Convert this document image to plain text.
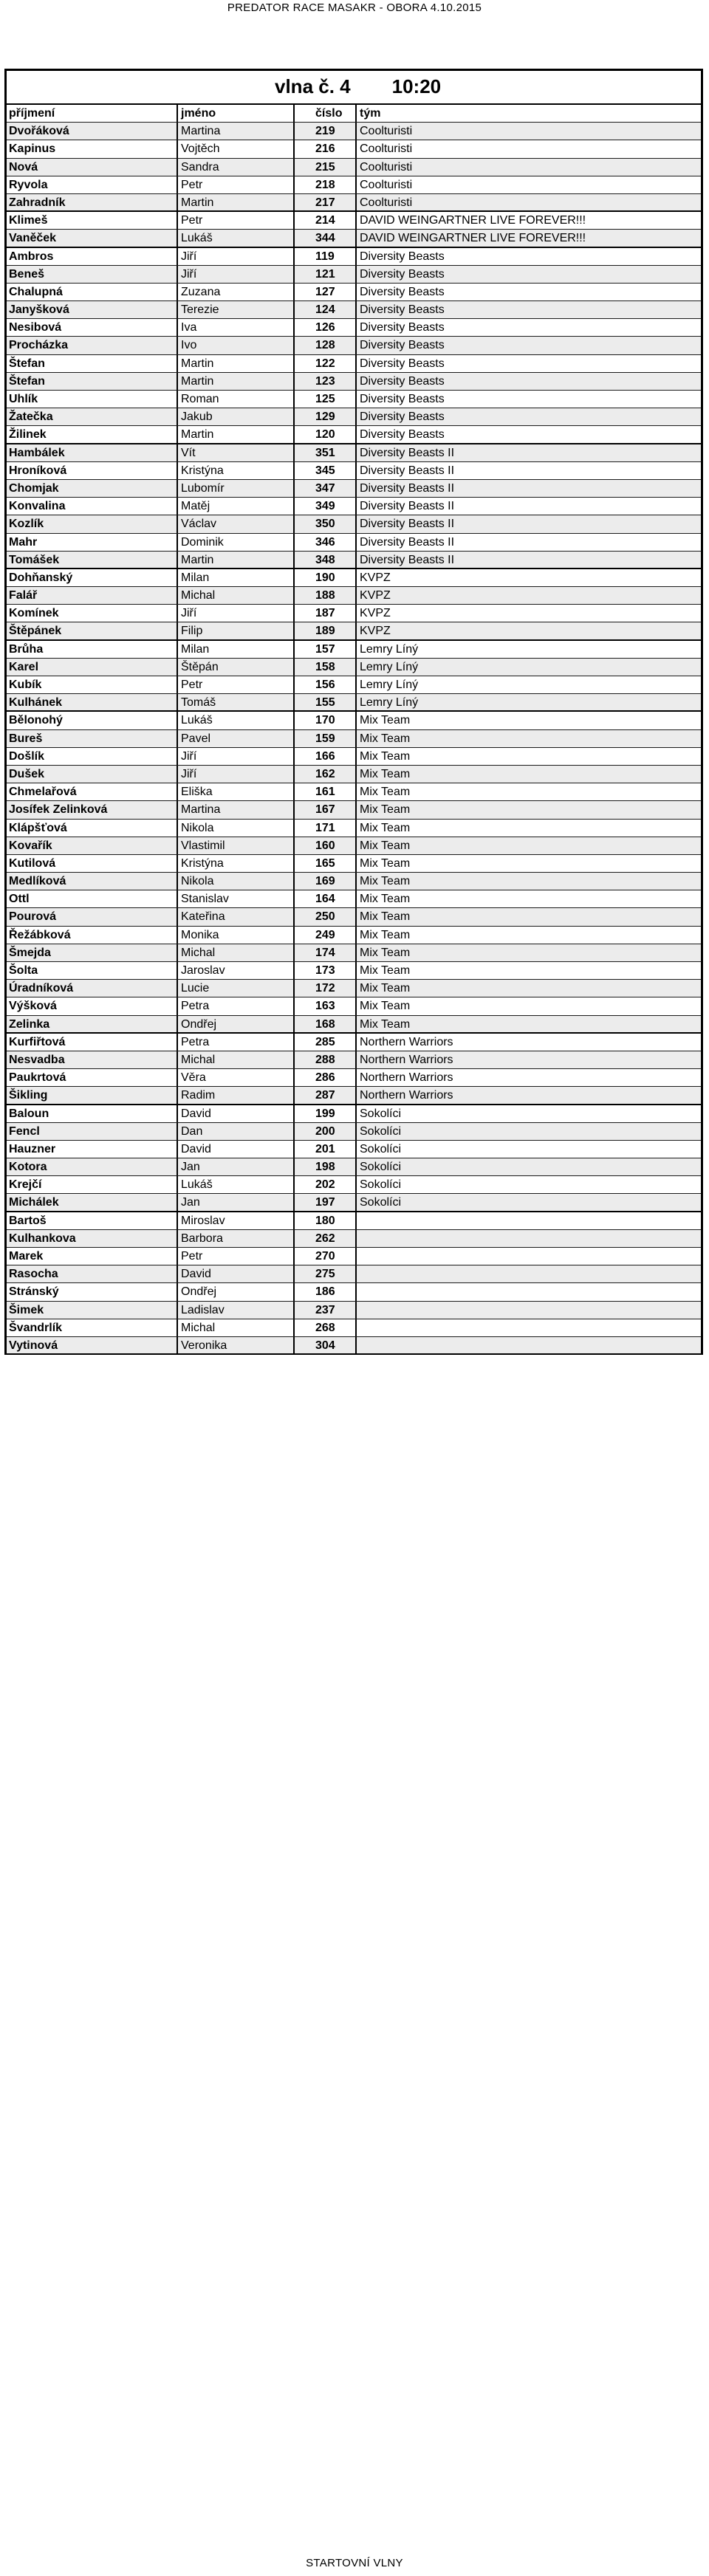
PREDATOR RACE MASAKR - OBORA 4.10.2015
vlna č. 4 10:20
příjmení	jméno	číslo	tým
Dvořáková	Martina	219	Coolturisti
Kapinus	Vojtěch	216	Coolturisti
Nová	Sandra	215	Coolturisti
Ryvola	Petr	218	Coolturisti
Zahradník	Martin	217	Coolturisti
Klimeš	Petr	214	DAVID WEINGARTNER LIVE FOREVER!!!
Vaněček	Lukáš	344	DAVID WEINGARTNER LIVE FOREVER!!!
Ambros	Jiří	119	Diversity Beasts
Beneš	Jiří	121	Diversity Beasts
Chalupná	Zuzana	127	Diversity Beasts
Janyšková	Terezie	124	Diversity Beasts
Nesibová	Iva	126	Diversity Beasts
Procházka	Ivo	128	Diversity Beasts
Štefan	Martin	122	Diversity Beasts
Štefan	Martin	123	Diversity Beasts
Uhlík	Roman	125	Diversity Beasts
Žatečka	Jakub	129	Diversity Beasts
Žilinek	Martin	120	Diversity Beasts
Hambálek	Vít	351	Diversity Beasts II
Hroníková	Kristýna	345	Diversity Beasts II
Chomjak	Lubomír	347	Diversity Beasts II
Konvalina	Matěj	349	Diversity Beasts II
Kozlík	Václav	350	Diversity Beasts II
Mahr	Dominik	346	Diversity Beasts II
Tomášek	Martin	348	Diversity Beasts II
Dohňanský	Milan	190	KVPZ
Falář	Michal	188	KVPZ
Komínek	Jiří	187	KVPZ
Štěpánek	Filip	189	KVPZ
Brůha	Milan	157	Lemry Líný
Karel	Štěpán	158	Lemry Líný
Kubík	Petr	156	Lemry Líný
Kulhánek	Tomáš	155	Lemry Líný
Bělonohý	Lukáš	170	Mix Team
Bureš	Pavel	159	Mix Team
Došlík	Jiří	166	Mix Team
Dušek	Jiří	162	Mix Team
Chmelařová	Eliška	161	Mix Team
Josífek Zelinková	Martina	167	Mix Team
Klápšťová	Nikola	171	Mix Team
Kovařík	Vlastimil	160	Mix Team
Kutilová	Kristýna	165	Mix Team
Medlíková	Nikola	169	Mix Team
Ottl	Stanislav	164	Mix Team
Pourová	Kateřina	250	Mix Team
Řežábková	Monika	249	Mix Team
Šmejda	Michal	174	Mix Team
Šolta	Jaroslav	173	Mix Team
Úradníková	Lucie	172	Mix Team
Výšková	Petra	163	Mix Team
Zelinka	Ondřej	168	Mix Team
Kurfiřtová	Petra	285	Northern Warriors
Nesvadba	Michal	288	Northern Warriors
Paukrtová	Věra	286	Northern Warriors
Šikling	Radim	287	Northern Warriors
Baloun	David	199	Sokolíci
Fencl	Dan	200	Sokolíci
Hauzner	David	201	Sokolíci
Kotora	Jan	198	Sokolíci
Krejčí	Lukáš	202	Sokolíci
Michálek	Jan	197	Sokolíci
Bartoš	Miroslav	180
Kulhankova	Barbora	262
Marek	Petr	270
Rasocha	David	275
Stránský	Ondřej	186
Šimek	Ladislav	237
Švandrlík	Michal	268
Vytinová	Veronika	304
STARTOVNÍ VLNY
